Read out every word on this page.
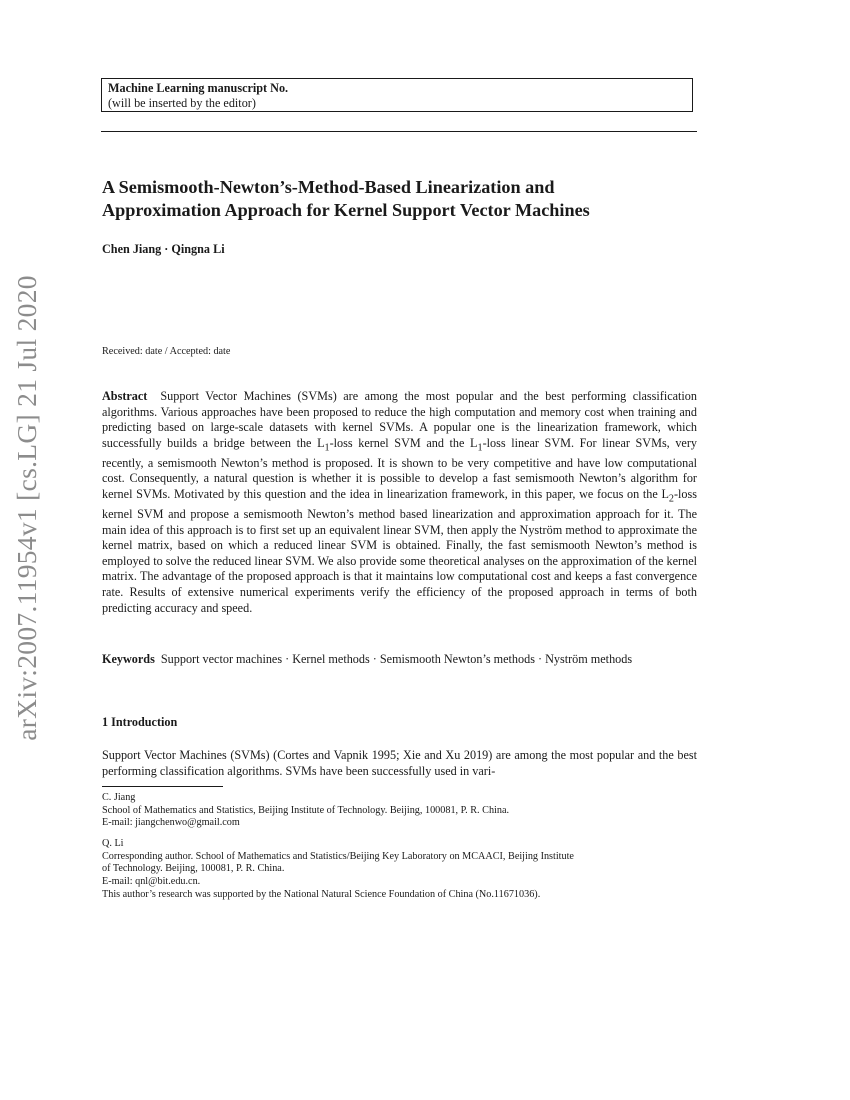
arXiv:2007.11954v1 [cs.LG] 21 Jul 2020
Machine Learning manuscript No.
(will be inserted by the editor)
A Semismooth-Newton’s-Method-Based Linearization and
Approximation Approach for Kernel Support Vector Machines
Chen Jiang · Qingna Li
Received: date / Accepted: date

Abstract Support Vector Machines (SVMs) are among the most popular and the best performing classification algorithms. Various approaches have been proposed to reduce the high computation and memory cost when training and predicting based on large-scale datasets with kernel SVMs. A popular one is the linearization framework, which successfully builds a bridge between the $L_1$-loss kernel SVM and the $L_1$-loss linear SVM. For linear SVMs, very recently, a semismooth Newton’s method is proposed. It is shown to be very competitive and have low computational cost. Consequently, a natural question is whether it is possible to develop a fast semismooth Newton’s algorithm for kernel SVMs. Motivated by this question and the idea in linearization framework, in this paper, we focus on the $L_2$-loss kernel SVM and propose a semismooth Newton’s method based linearization and approximation approach for it. The main idea of this approach is to first set up an equivalent linear SVM, then apply the Nyström method to approximate the kernel matrix, based on which a reduced linear SVM is obtained. Finally, the fast semismooth Newton’s method is employed to solve the reduced linear SVM. We also provide some theoretical analyses on the approximation of the kernel matrix. The advantage of the proposed approach is that it maintains low computational cost and keeps a fast convergence rate. Results of extensive numerical experiments verify the efficiency of the proposed approach in terms of both predicting accuracy and speed.

Keywords Support vector machines · Kernel methods · Semismooth Newton’s methods · Nyström methods

1 Introduction

Support Vector Machines (SVMs) (Cortes and Vapnik 1995; Xie and Xu 2019) are among the most popular and the best performing classification algorithms. SVMs have been successfully used in vari-

C. Jiang
School of Mathematics and Statistics, Beijing Institute of Technology. Beijing, 100081, P. R. China.
E-mail: jiangchenwo@gmail.com
Q. Li
Corresponding author. School of Mathematics and Statistics/Beijing Key Laboratory on MCAACI, Beijing Institute
of Technology. Beijing, 100081, P. R. China.
E-mail: qnl@bit.edu.cn.
This author’s research was supported by the National Natural Science Foundation of China (No.11671036).
